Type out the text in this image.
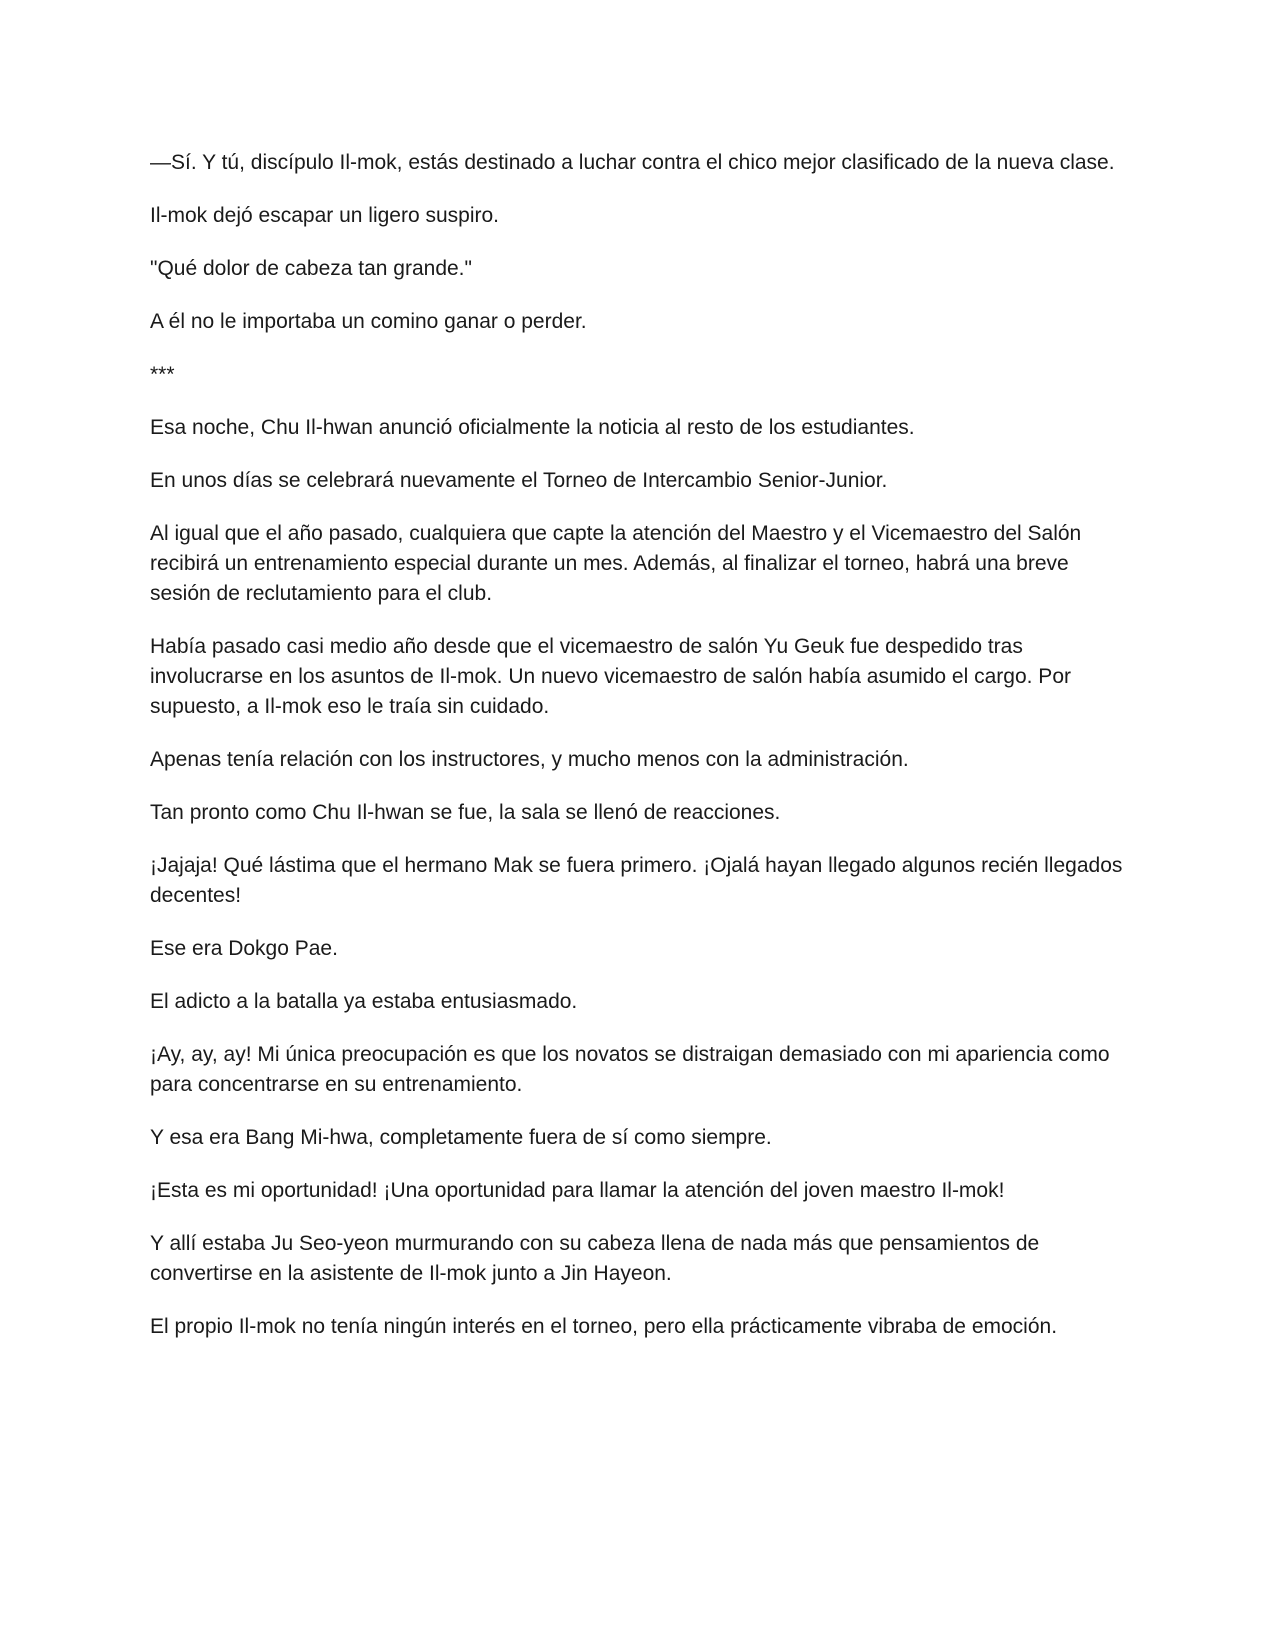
—Sí. Y tú, discípulo Il-mok, estás destinado a luchar contra el chico mejor clasificado de la nueva clase.

Il-mok dejó escapar un ligero suspiro.

"Qué dolor de cabeza tan grande."

A él no le importaba un comino ganar o perder.

***

Esa noche, Chu Il-hwan anunció oficialmente la noticia al resto de los estudiantes.

En unos días se celebrará nuevamente el Torneo de Intercambio Senior-Junior.

Al igual que el año pasado, cualquiera que capte la atención del Maestro y el Vicemaestro del Salón recibirá un entrenamiento especial durante un mes. Además, al finalizar el torneo, habrá una breve sesión de reclutamiento para el club.

Había pasado casi medio año desde que el vicemaestro de salón Yu Geuk fue despedido tras involucrarse en los asuntos de Il-mok. Un nuevo vicemaestro de salón había asumido el cargo. Por supuesto, a Il-mok eso le traía sin cuidado.

Apenas tenía relación con los instructores, y mucho menos con la administración.

Tan pronto como Chu Il-hwan se fue, la sala se llenó de reacciones.

¡Jajaja! Qué lástima que el hermano Mak se fuera primero. ¡Ojalá hayan llegado algunos recién llegados decentes!

Ese era Dokgo Pae.

El adicto a la batalla ya estaba entusiasmado.

¡Ay, ay, ay! Mi única preocupación es que los novatos se distraigan demasiado con mi apariencia como para concentrarse en su entrenamiento.

Y esa era Bang Mi-hwa, completamente fuera de sí como siempre.

¡Esta es mi oportunidad! ¡Una oportunidad para llamar la atención del joven maestro Il-mok!

Y allí estaba Ju Seo-yeon murmurando con su cabeza llena de nada más que pensamientos de convertirse en la asistente de Il-mok junto a Jin Hayeon.

El propio Il-mok no tenía ningún interés en el torneo, pero ella prácticamente vibraba de emoción.
